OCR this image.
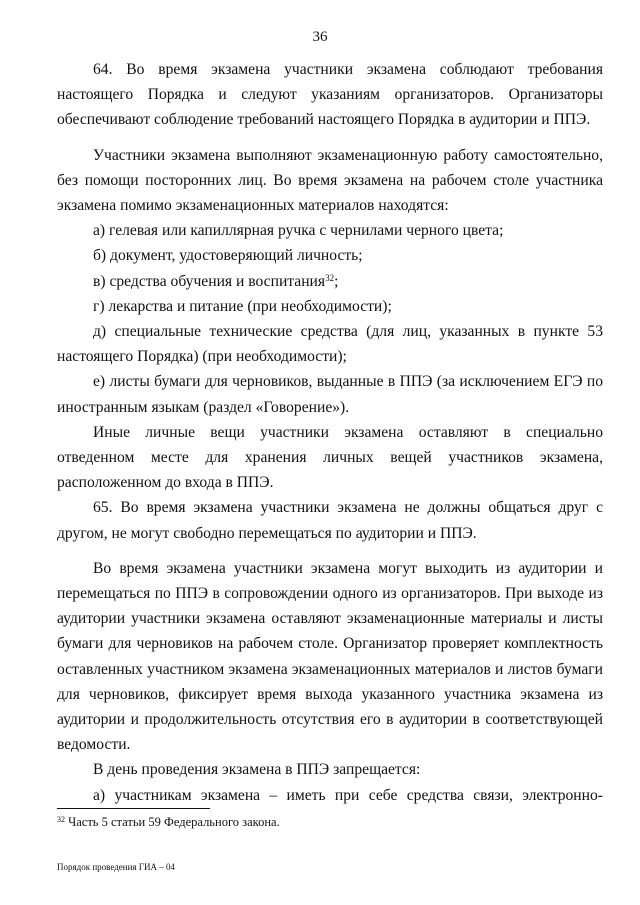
36

64. Во время экзамена участники экзамена соблюдают требования настоящего Порядка и следуют указаниям организаторов. Организаторы обеспечивают соблюдение требований настоящего Порядка в аудитории и ППЭ.

Участники экзамена выполняют экзаменационную работу самостоятельно, без помощи посторонних лиц. Во время экзамена на рабочем столе участника экзамена помимо экзаменационных материалов находятся:

а) гелевая или капиллярная ручка с чернилами черного цвета;

б) документ, удостоверяющий личность;

в) средства обучения и воспитания$^{32}$;

г) лекарства и питание (при необходимости);

д) специальные технические средства (для лиц, указанных в пункте 53 настоящего Порядка) (при необходимости);

е) листы бумаги для черновиков, выданные в ППЭ (за исключением ЕГЭ по иностранным языкам (раздел «Говорение»).

Иные личные вещи участники экзамена оставляют в специально отведенном месте для хранения личных вещей участников экзамена, расположенном до входа в ППЭ.

65. Во время экзамена участники экзамена не должны общаться друг с другом, не могут свободно перемещаться по аудитории и ППЭ.

Во время экзамена участники экзамена могут выходить из аудитории и перемещаться по ППЭ в сопровождении одного из организаторов. При выходе из аудитории участники экзамена оставляют экзаменационные материалы и листы бумаги для черновиков на рабочем столе. Организатор проверяет комплектность оставленных участником экзамена экзаменационных материалов и листов бумаги для черновиков, фиксирует время выхода указанного участника экзамена из аудитории и продолжительность отсутствия его в аудитории в соответствующей ведомости.

В день проведения экзамена в ППЭ запрещается:

а) участникам экзамена – иметь при себе средства связи, электронно-

$^{32}$ Часть 5 статьи 59 Федерального закона.
Порядок проведения ГИА – 04
